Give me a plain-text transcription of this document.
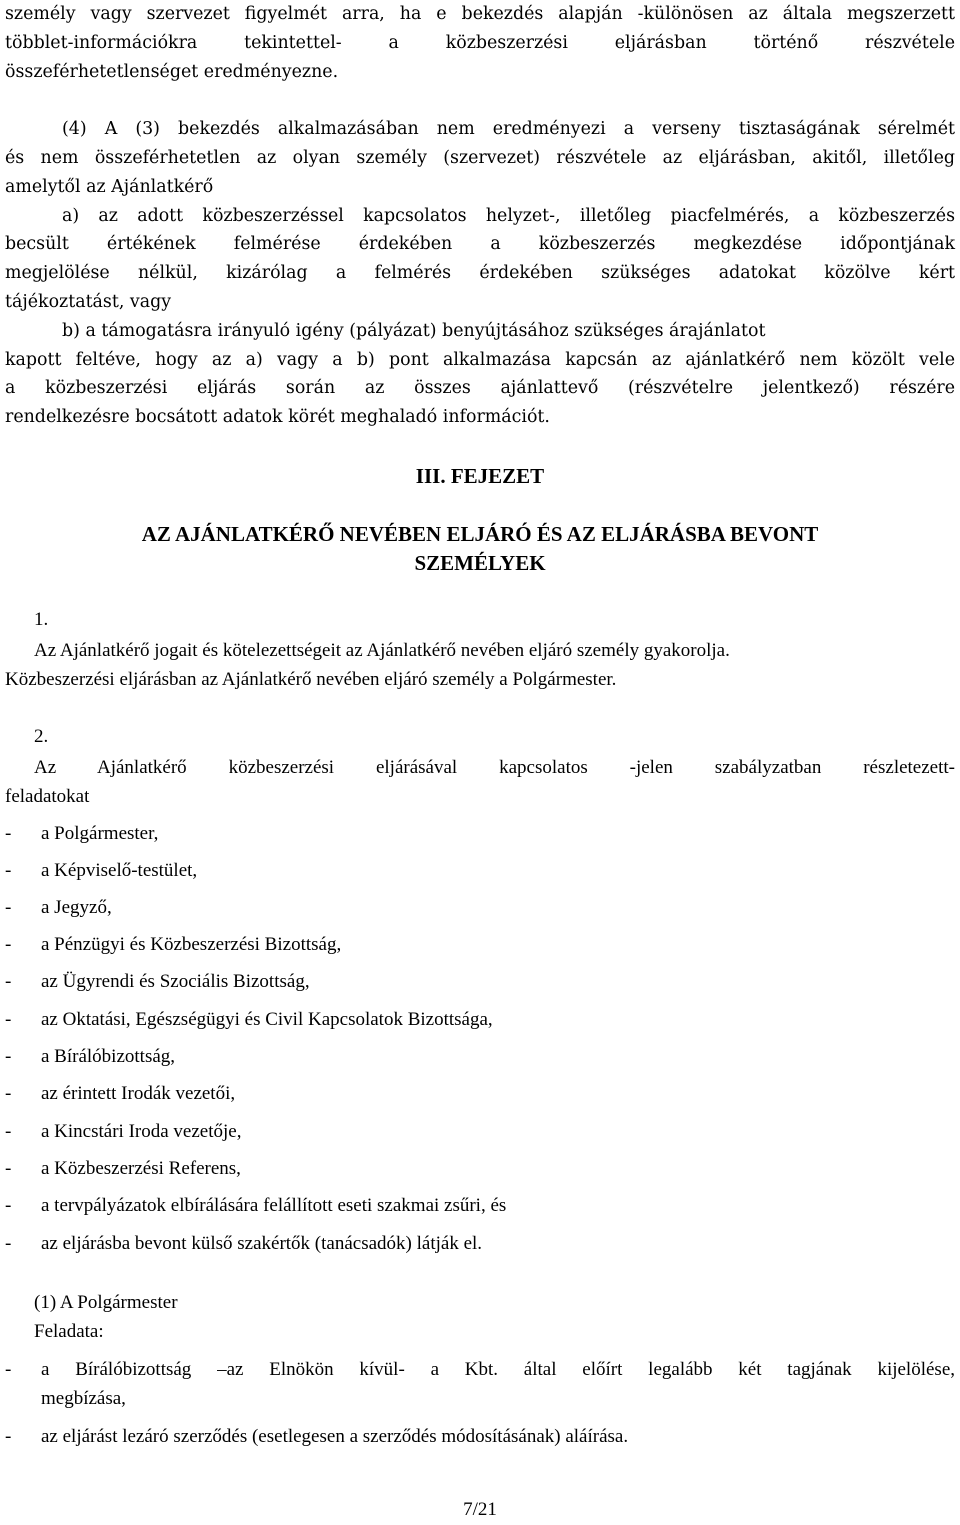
személy vagy szervezet figyelmét arra, ha e bekezdés alapján -különösen az általa megszerzett

többlet-információkra tekintettel- a közbeszerzési eljárásban történő részvétele

összeférhetetlenséget eredményezne.

(4) A (3) bekezdés alkalmazásában nem eredményezi a verseny tisztaságának sérelmét

és nem összeférhetetlen az olyan személy (szervezet) részvétele az eljárásban, akitől, illetőleg

amelytől az Ajánlatkérő

a) az adott közbeszerzéssel kapcsolatos helyzet-, illetőleg piacfelmérés, a közbeszerzés

becsült értékének felmérése érdekében a közbeszerzés megkezdése időpontjának

megjelölése nélkül, kizárólag a felmérés érdekében szükséges adatokat közölve kért

tájékoztatást, vagy

b) a támogatásra irányuló igény (pályázat) benyújtásához szükséges árajánlatot

kapott feltéve, hogy az a) vagy a b) pont alkalmazása kapcsán az ajánlatkérő nem közölt vele

a közbeszerzési eljárás során az összes ajánlattevő (részvételre jelentkező) részére

rendelkezésre bocsátott adatok körét meghaladó információt.

III. FEJEZET

AZ AJÁNLATKÉRŐ NEVÉBEN ELJÁRÓ ÉS AZ ELJÁRÁSBA BEVONT

SZEMÉLYEK

1.

Az Ajánlatkérő jogait és kötelezettségeit az Ajánlatkérő nevében eljáró személy gyakorolja.

Közbeszerzési eljárásban az Ajánlatkérő nevében eljáró személy a Polgármester.

2.

Az Ajánlatkérő közbeszerzési eljárásával kapcsolatos -jelen szabályzatban részletezett-

feladatokat

- a Polgármester,

- a Képviselő-testület,

- a Jegyző,

- a Pénzügyi és Közbeszerzési Bizottság,

- az Ügyrendi és Szociális Bizottság,

- az Oktatási, Egészségügyi és Civil Kapcsolatok Bizottsága,

- a Bírálóbizottság,

- az érintett Irodák vezetői,

- a Kincstári Iroda vezetője,

- a Közbeszerzési Referens,

- a tervpályázatok elbírálására felállított eseti szakmai zsűri, és

- az eljárásba bevont külső szakértők (tanácsadók) látják el.

(1) A Polgármester

Feladata:

- a Bírálóbizottság –az Elnökön kívül- a Kbt. által előírt legalább két tagjának kijelölése,

megbízása,

- az eljárást lezáró szerződés (esetlegesen a szerződés módosításának) aláírása.

7/21
